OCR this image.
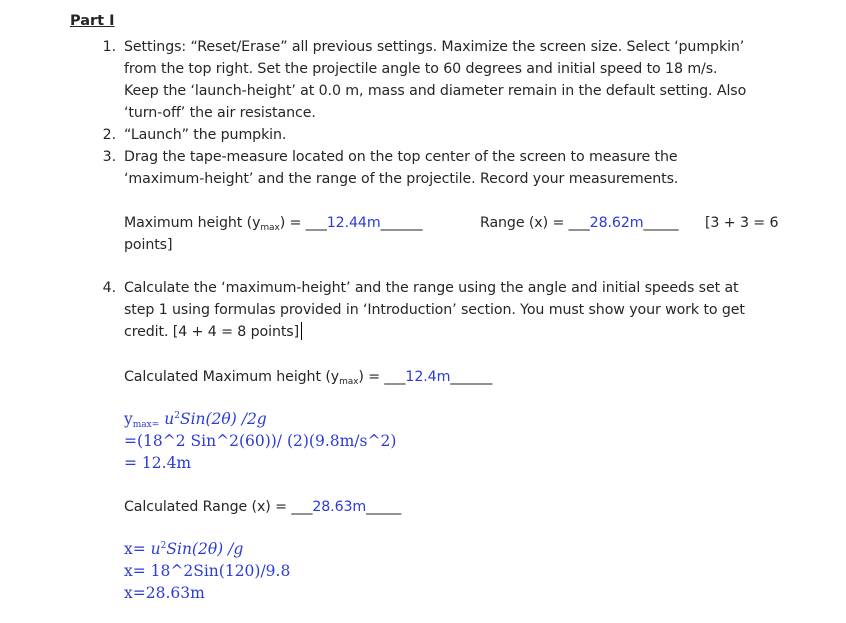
Part I
1. Settings: “Reset/Erase” all previous settings. Maximize the screen size. Select ‘pumpkin’
from the top right. Set the projectile angle to 60 degrees and initial speed to 18 m/s.
Keep the ‘launch-height’ at 0.0 m, mass and diameter remain in the default setting. Also
‘turn-off’ the air resistance.
2. “Launch” the pumpkin.
3. Drag the tape-measure located on the top center of the screen to measure the
‘maximum-height’ and the range of the projectile. Record your measurements.
Maximum height $(y_{max})$ = ___12.44m______	Range (x) = ___28.62m_____ [3 + 3 = 6
points]
4. Calculate the ‘maximum-height’ and the range using the angle and initial speeds set at
step 1 using formulas provided in ‘Introduction’ section. You must show your work to get
credit. [4 + 4 = 8 points]
Calculated Maximum height $(y_{max})$ = ___12.4m______
$y_{max=}$ $u^2Sin(2\theta)$ /2g
=(18^2 Sin^2(60))/ (2)(9.8m/s^2)
= 12.4m
Calculated Range (x) = ___28.63m_____
$x= u^2Sin(2\theta)$ /g
x= 18^2Sin(120)/9.8
x=28.63m
